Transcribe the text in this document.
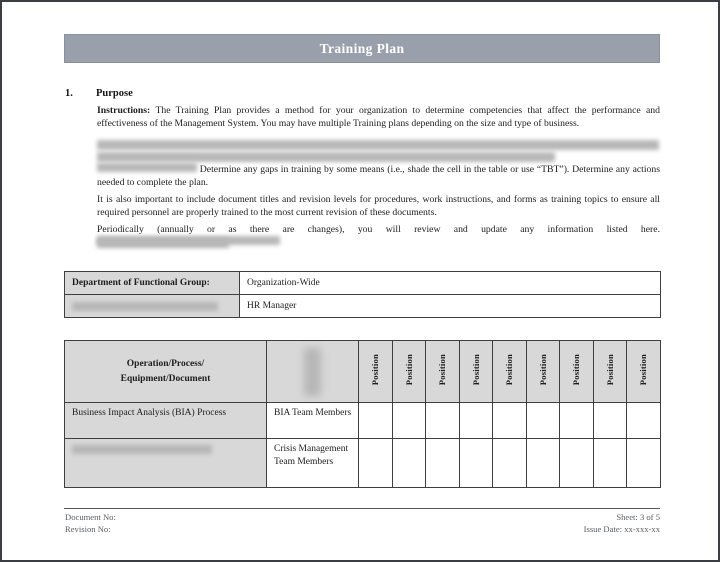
Training Plan
1.	Purpose

Instructions: The Training Plan provides a method for your organization to determine competencies that affect the performance and effectiveness of the Management System. You may have multiple Training plans depending on the size and type of business.

Determine any gaps in training by some means (i.e., shade the cell in the table or use “TBT”). Determine any actions needed to complete the plan.

It is also important to include document titles and revision levels for procedures, work instructions, and forms as training topics to ensure all required personnel are properly trained to the most current revision of these documents.

Periodically (annually or as there are changes), you will review and update any information listed here.

Department of Functional Group:	Organization-Wide

	HR Manager
Operation/Process/
Equipment/Document		Position	Position	Position	Position	Position	Position	Position	Position	Position
Business Impact Analysis (BIA) Process	BIA Team Members									

	Crisis Management Team Members									
Document No:
Revision No:
Sheet: 3 of 5
Issue Date: xx-xxx-xx
